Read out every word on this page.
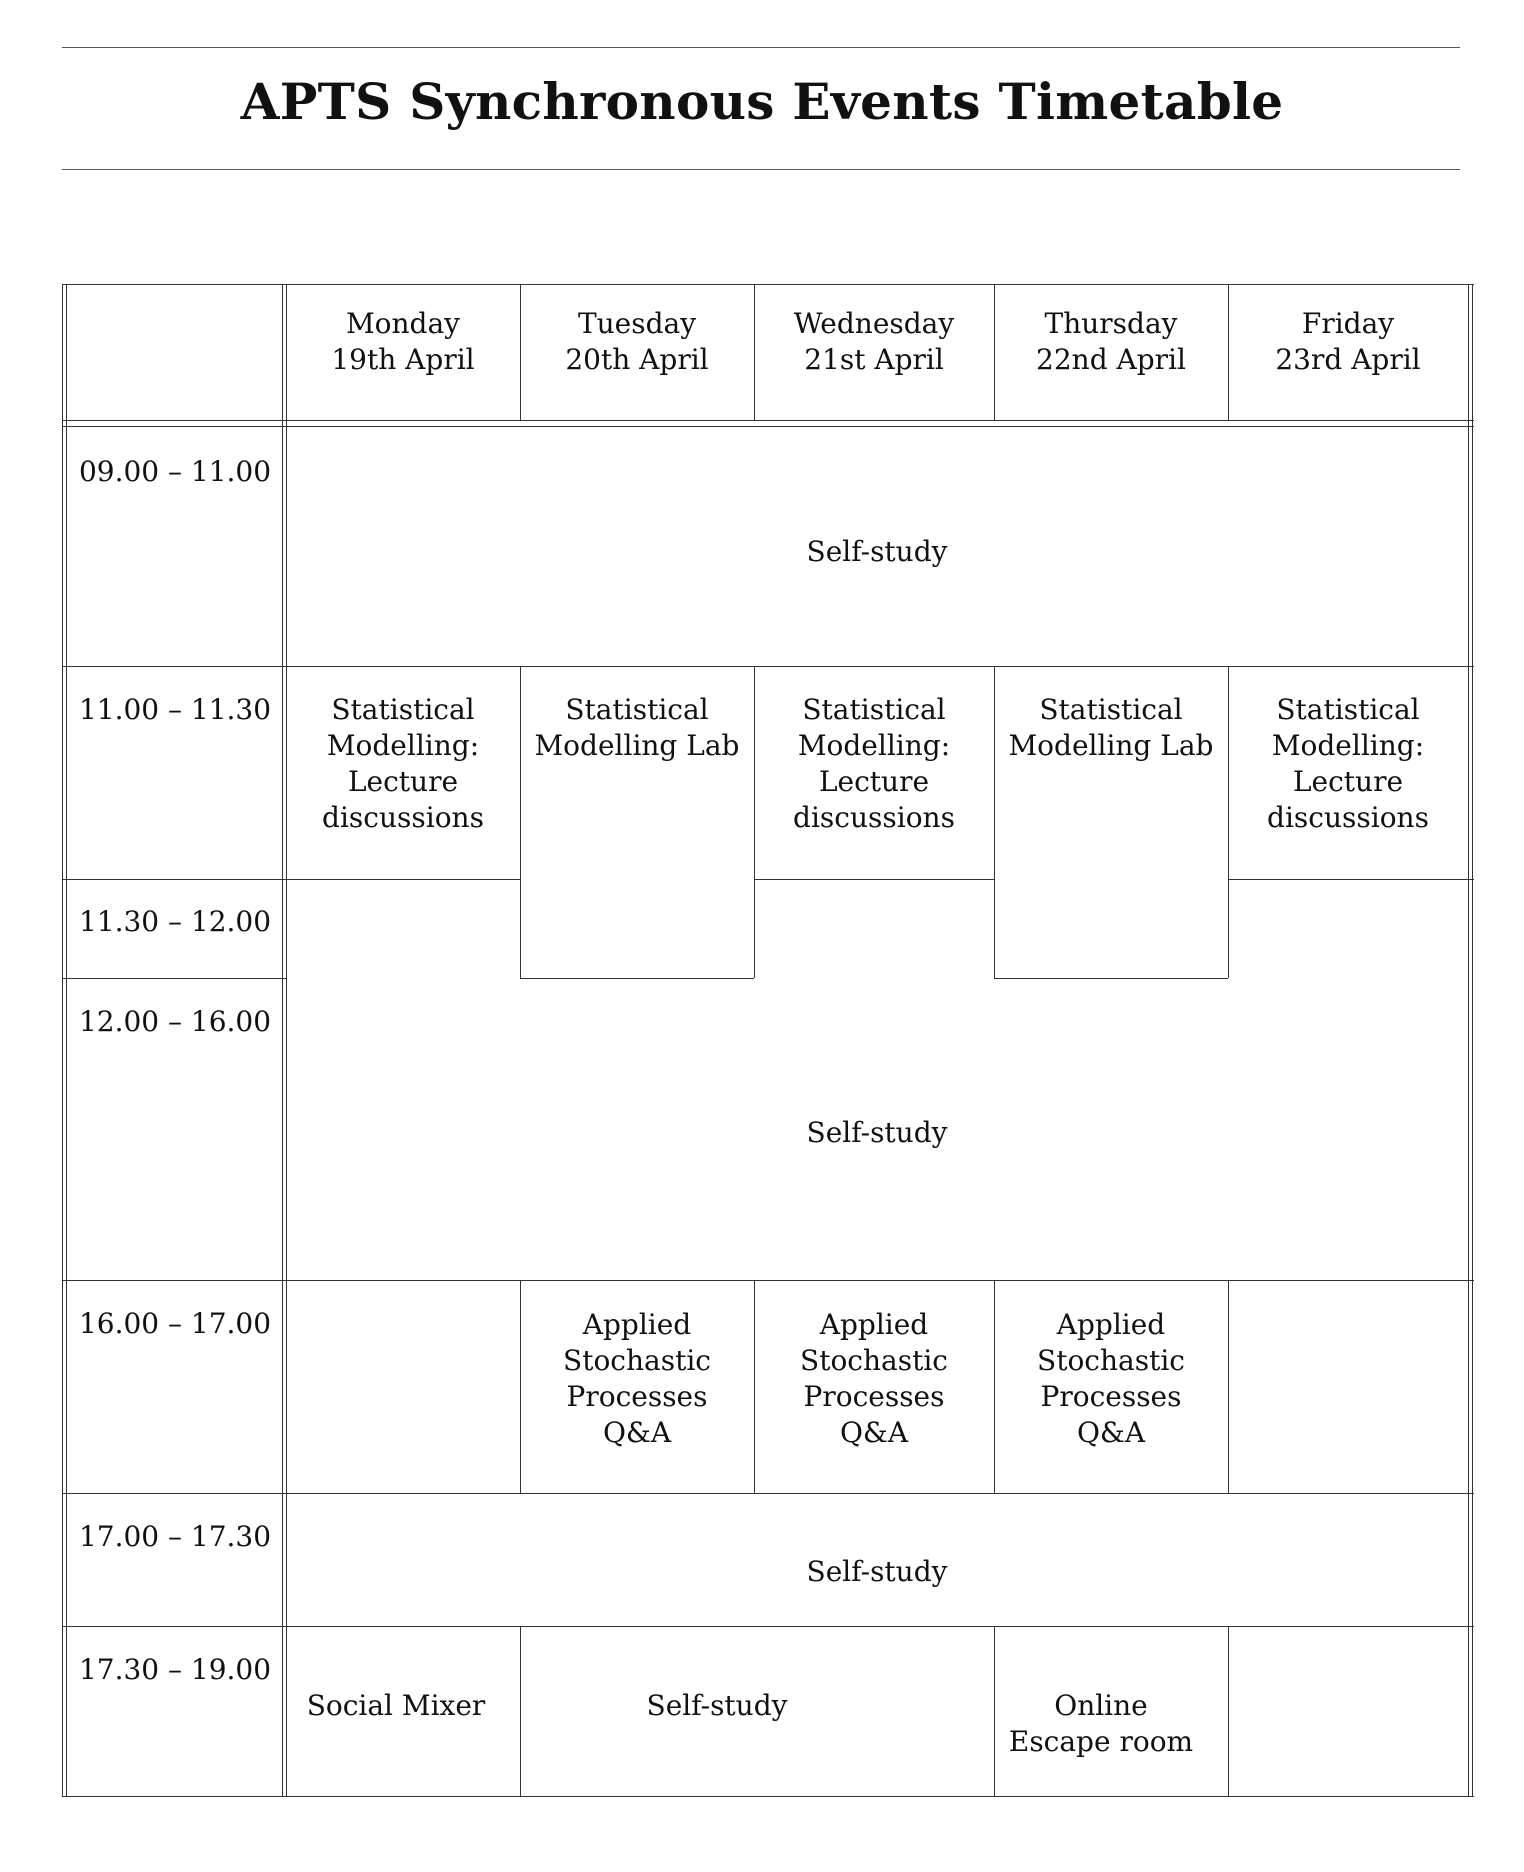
APTS Synchronous Events Timetable
Monday
19th April
Tuesday
20th April
Wednesday
21st April
Thursday
22nd April
Friday
23rd April
09.00 – 11.00
11.00 – 11.30
11.30 – 12.00
12.00 – 16.00
16.00 – 17.00
17.00 – 17.30
17.30 – 19.00
Self-study
Statistical
Modelling:
Lecture
discussions
Statistical
Modelling Lab
Statistical
Modelling:
Lecture
discussions
Statistical
Modelling Lab
Statistical
Modelling:
Lecture
discussions
Self-study
Applied
Stochastic
Processes
Q&A
Applied
Stochastic
Processes
Q&A
Applied
Stochastic
Processes
Q&A
Self-study
Social Mixer	Self-study	Online
Escape room
